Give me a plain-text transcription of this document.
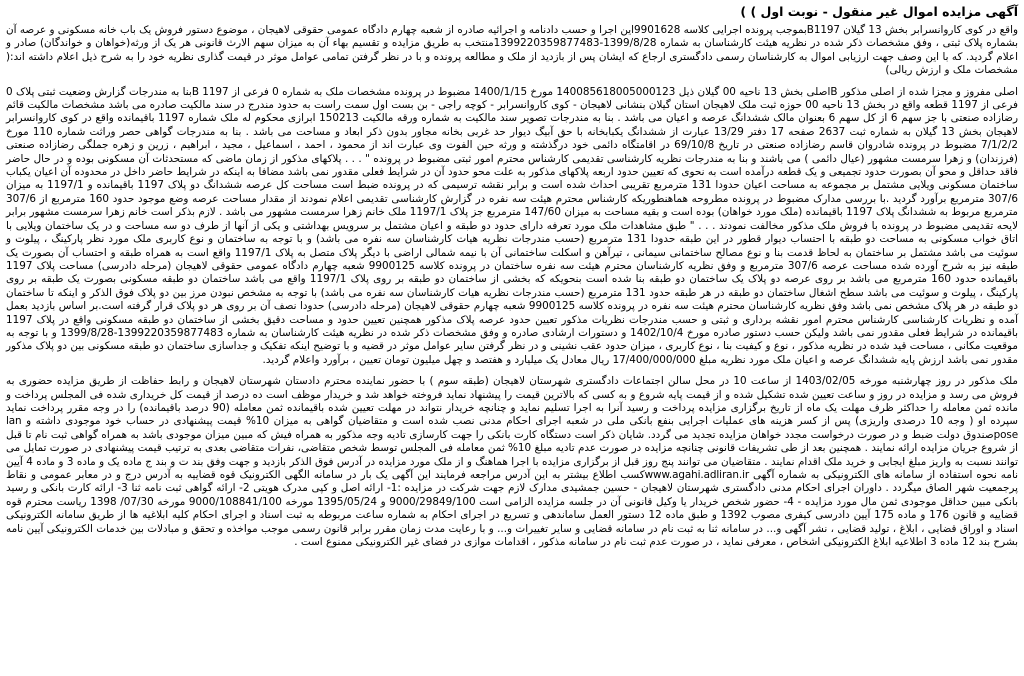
آگهی مزایده اموال غیر منقول - نوبت اول ) )

واقع در کوی کاروانسرابر بخش 13 گیلان B1197بموجب پرونده اجرایی کلاسه 9901628این اجرا و حسب دادنامه و اجرائیه صادره از شعبه چهارم دادگاه عمومی حقوقی لاهیجان ، موضوع دستور فروش یک باب خانه مسکونی و عرصه آن بشماره پلاک ثبتی ، وفق مشخصات ذکر شده در نظریه هیئت کارشناسان به شماره 1399/8/28-1399220359877483منتخب به طریق مزایده و تقسیم بهاء آن به میزان سهم الارث قانونی هر یک از ورثه(خواهان و خواندگان) صادر و اعلام گردید. که با این وصف جهت ارزیابی اموال به کارشناسان رسمی دادگستری ارجاع که ایشان پس از بازدید از ملک و مطالعه پرونده و با در نظر گرفتن تمامی عوامل موثر در قیمت گذاری نظریه خود را به شرح ذیل اعلام داشته اند:( مشخصات ملک و ارزش ریالی)

اصلی مفروز و مجزا شده از اصلی مذکور Bاصلی بخش 13 ناحیه 00 گیلان ذیل 140085618005000123 مورخ 1400/1/15 مضبوط در پرونده مشخصات ملک به شماره 0 فرعی از 1197 Bبنا به مندرجات گزارش وضعیت ثبتی پلاک 0 فرعی از 1197 قطعه واقع در بخش 13 ناحیه 00 حوزه ثبت ملک لاهیجان استان گیلان بنشانی لاهیجان - کوی کاروانسرابر - کوچه راجی - بن بست اول سمت راست به حدود مندرج در سند مالکیت صادره می باشد مشخصات مالکیت قائم رضازاده صنعتی با جز سهم 6 از کل سهم 6 بعنوان مالک ششدانگ عرصه و اعیان می باشد . بنا به مندرجات تصویر سند مالکیت به شماره ورقه مالکیت 150213 ابرازی محکوم له ملک شماره 1197 باقیمانده واقع در کوی کاروانسرابر لاهیجان بخش 13 گیلان به شماره ثبت 2637 صفحه 17 دفتر 13/29 عبارت از ششدانگ یکبابخانه با حق آبیگ دیوار حد غربی بخانه مجاور بدون ذکر ابعاد و مساحت می باشد . بنا به مندرجات گواهی حصر وراثت شماره 110 مورخ 7/1/2/2 مضبوط در پرونده شادروان قاسم رضازاده صنعتی در تاریخ 69/10/8 در اقامتگاه دائمی خود درگذشته و ورثه حین الفوت وی عبارت اند از محمود ، احمد ، اسماعیل ، مجید ، ابراهیم ، زرین و زهره جملگی رضازاده صنعتی (فرزندان) و زهرا سرمست مشهور (عیال دائمی ) می باشند و بنا به مندرجات نظریه کارشناسی تقدیمی کارشناس محترم امور ثبتی مضبوط در پرونده " . . . پلاکهای مذکور از زمان ماضی که مستحدثات آن مسکونی بوده و در حال حاضر فاقد حداقل و محو آن بصورت حدود تجمیعی و یک قطعه درآمده است به نحوی که تعیین حدود اربعه پلاکهای مذکور به علت محو حدود آن در شرایط فعلی مقدور نمی باشد مضافا به اینکه در شرایط حاضر داخل در محدوده آن اعیان یکباب ساختمان مسکونی ویلایی مشتمل بر مجموعه به مساحت اعیان حدودا 131 مترمربع تقریبی احداث شده است و برابر نقشه ترسیمی که در پرونده ضبط است مساحت کل عرصه ششدانگ دو پلاک 1197 باقیمانده و 1197/1 به میزان 307/6 مترمربع برآورد گردید .با بررسی مدارک مضبوط در پرونده مطروحه هماهنطوریکه کارشناس محترم هیئت سه نفره در گزارش کارشناسی تقدیمی اعلام نمودند از مقدار مساحت عرصه وضع موجود حدود 160 مترمربع از 307/6 مترمربع مربوط به ششدانگ پلاک 1197 باقیمانده (ملک مورد خواهان) بوده است و بقیه مساحت به میزان 147/60 مترمربع جز پلاک 1197/1 ملک خانم زهرا سرمست مشهور می باشد . لازم بذکر است خانم زهرا سرمست مشهور برابر لایحه تقدیمی مضبوط در پرونده با فروش ملک مذکور مخالفت نمودند . . . " طبق مشاهدات ملک مورد تعرفه دارای حدود دو طبقه و اعیان مشتمل بر سرویس بهداشتی و یکی از آنها از طرف دو سه مساحت و در یک ساختمان ویلایی با اتاق خواب مسکونی به مساحت دو طبقه با احتساب دیوار قطور در این طبقه حدودا 131 مترمربع (حسب مندرجات نظریه هیات کارشناسان سه نفره می باشد) و با توجه به ساختمان و نوع کاربری ملک مورد نظر پارکینگ ، پیلوت و سوئیت می باشد مشتمل بر ساختمان به لحاظ قدمت بنا و نوع مصالح ساختمانی سیمانی ، تیرآهن و اسکلت ساختمانی آن با نیمه شمالی اراضی با دیگر پلاک متصل به پلاک 1197/1 واقع است به همراه طبقه و احتساب آن بصورت یک طبقه نیز به شرح آورده شده مساحت عرصه 307/6 مترمربع و وفق نظریه کارشناسان محترم هیئت سه نفره ساختمان در پرونده کلاسه 9900125 شعبه چهارم دادگاه عمومی حقوقی لاهیجان (مرحله دادرسی) مساحت پلاک 1197 باقیمانده حدود 160 مترمربع می باشد بر روی عرصه دو پلاک یک ساختمان دو طبقه بنا شده است بنحویکه که بخشی از ساختمان دو طبقه بر روی پلاک 1197/1 واقع می باشد ساختمان دو طبقه مسکونی بصورت یک طبقه بر روی پارکینگ ، پیلوت و سوئیت می باشد سطح اشغال ساختمان دو طبقه در هر طبقه حدود 131 مترمربع (حسب مندرجات نظریه هیات کارشناسان سه نفره می باشد) با توجه به مشخص نبودن مرز بین دو پلاک فوق الذکر و اینکه تا ساختمان دو طبقه در هر پلاک مشخص نمی باشد وفق نظریه کارشناسان محترم هیئت سه نفره در پرونده کلاسه 9900125 شعبه چهارم حقوقی لاهیجان (مرحله دادرسی) حدودا نصف آن بر روی هر دو پلاک قرار گرفته است.بر اساس بازدید بعمل آمده و نظریات کارشناسی کارشناس محترم امور نقشه برداری و ثبتی و حسب مندرجات نظریات مذکور تعیین حدود عرصه پلاک مذکور همچنین تعیین حدود و مساحت دقیق بخشی از ساختمان دو طبقه مسکونی واقع در پلاک 1197 باقیمانده در شرایط فعلی مقدور نمی باشد ولیکن حسب دستور صادره مورخ 1402/10/4 و دستورات ارشادی صادره و وفق مشخصات ذکر شده در نظریه هیئت کارشناسان به شماره 1399220359877483-1399/8/28 و با توجه به موقعیت مکانی ، مساحت قید شده در نظریه مذکور ، نوع و کیفیت بنا ، نوع کاربری ، میزان حدود عقب نشینی و در نظر گرفتن سایر عوامل موثر در قضیه و با توضیح اینکه تفکیک و جداسازی ساختمان دو طبقه مسکونی بین دو پلاک مذکور مقدور نمی باشد ارزش پایه ششدانگ عرصه و اعیان ملک مورد نظریه مبلغ 17/400/000/000 ریال معادل یک میلیارد و هفتصد و چهل میلیون تومان تعیین ، برآورد واعلام گردید.

ملک مذکور در روز چهارشنبه مورخه 1403/02/05 از ساعت 10 در محل سالن اجتماعات دادگستری شهرستان لاهیجان (طبقه سوم ) با حضور نماینده محترم دادستان شهرستان لاهیجان و رابط حفاظت از طریق مزایده حضوری به فروش می رسد و مزایده در روز و ساعت تعیین شده تشکیل شده و از قیمت پایه شروع و به کسی که بالاترین قیمت را پیشنهاد نماید فروخته خواهد شد و خریدار موظف است ده درصد از قیمت کل خریداری شده فی المجلس پرداخت و مانده ثمن معامله را حداکثر ظرف مهلت یک ماه از تاریخ برگزاری مزایده پرداخت و رسید آنرا به اجرا تسلیم نماید و چنانچه خریدار نتواند در مهلت تعیین شده باقیمانده ثمن معامله (90 درصد باقیمانده) را در وجه مقرر پرداخت نماید سپرده او ( وجه 10 درصدی واریزی) پس از کسر هزینه های عملیات اجرایی بنفع بانکی ملی در شعبه اجرای احکام مدنی نصب شده است و متقاضیان گواهی به میزان 10% قیمت پیشنهادی در حساب خود موجودی داشته و lan poseصندوق دولت ضبط و در صورت درخواست مجدد خواهان مزایده تجدید می گردد. شایان ذکر است دستگاه کارت بانکی را جهت کارسازی تادیه وجه مذکور به همراه فیش که مبین میزان موجودی باشد به همراه گواهی ثبت نام تا قبل از شروع جریان مزایده ارائه نمایند . همچنین بعد از طی تشریفات قانونی چنانچه مزایده در صورت عدم تادیه مبلغ 10% ثمن معامله فی المجلس توسط شخص متقاضی، نفرات متقاضی بعدی به ترتیب قیمت پیشنهادی در صورت تمایل می توانند نسبت به واریز مبلغ ایجابی و خرید ملک اقدام نمایند . متقاضیان می توانند پنج روز قبل از برگزاری مزایده با اجرا هماهنگ و از ملک مورد مزایده در آدرس فوق الذکر بازدید و جهت وفق بند ت و بند ج ماده یک و ماده 3 و ماده 4 آیین نامه نحوه استفاده از سامانه های الکترونیکی به شماره آگهی www.agahi.adliran.irکسب اطلاع بیشتر به این آدرس مراجعه فرمایند این آگهی یک بار در سامانه الگهی الکترونیک قوه قضاییه به آدرس درج و در معابر عمومی و نقاط پرجمعیت شهر الصاق میگردد . داوران اجرای احکام مدنی دادگستری شهرستان لاهیجان - حسین جمشیدی مدارک لازم جهت شرکت در مزایده :1- ارائه اصل و کپی مدرک هویتی 2- ارائه گواهی ثبت نامه ثنا 3- ارائه کارت بانکی و رسید بانکی مبین حداقل موجودی ثمن مال مورد مزایده - 4- حضور شخص خریدار یا وکیل قانونی آن در جلسه مزایده الزامی است 9000/29849/100 و 1395/05/24 مورخه 9000/108841/100 مورخه 07/30/ 1398 ریاست محترم قوه قضاییه و قانون 176 و ماده 175 آیین دادرسی کیفری مصوب 1392 و طبق ماده 12 دستور العمل ساماندهی و تسریع در اجرای احکام به شماره ساعت مربوطه به ثبت اسناد و اجرای احکام کلیه ابلاغیه ها از طریق سامانه الکترونیکی اسناد و اوراق قضایی ، ابلاغ ، تولید قضایی ، نشر آگهی و... در سامانه ثنا به ثبت نام در سامانه قضایی و سایر تغییرات و... و با رعایت مدت زمان مقرر برابر قانون رسمی موجب مواخذه و تحقق و مبادلات بین خدمات الکترونیکی آیین نامه بشرح بند 12 ماده 3 اطلاعیه ابلاغ الکترونیکی اشخاص ، معرفی نماید ، در صورت عدم ثبت نام در سامانه مذکور ، اقدامات موازی در فضای غیر الکترونیکی ممنوع است .
